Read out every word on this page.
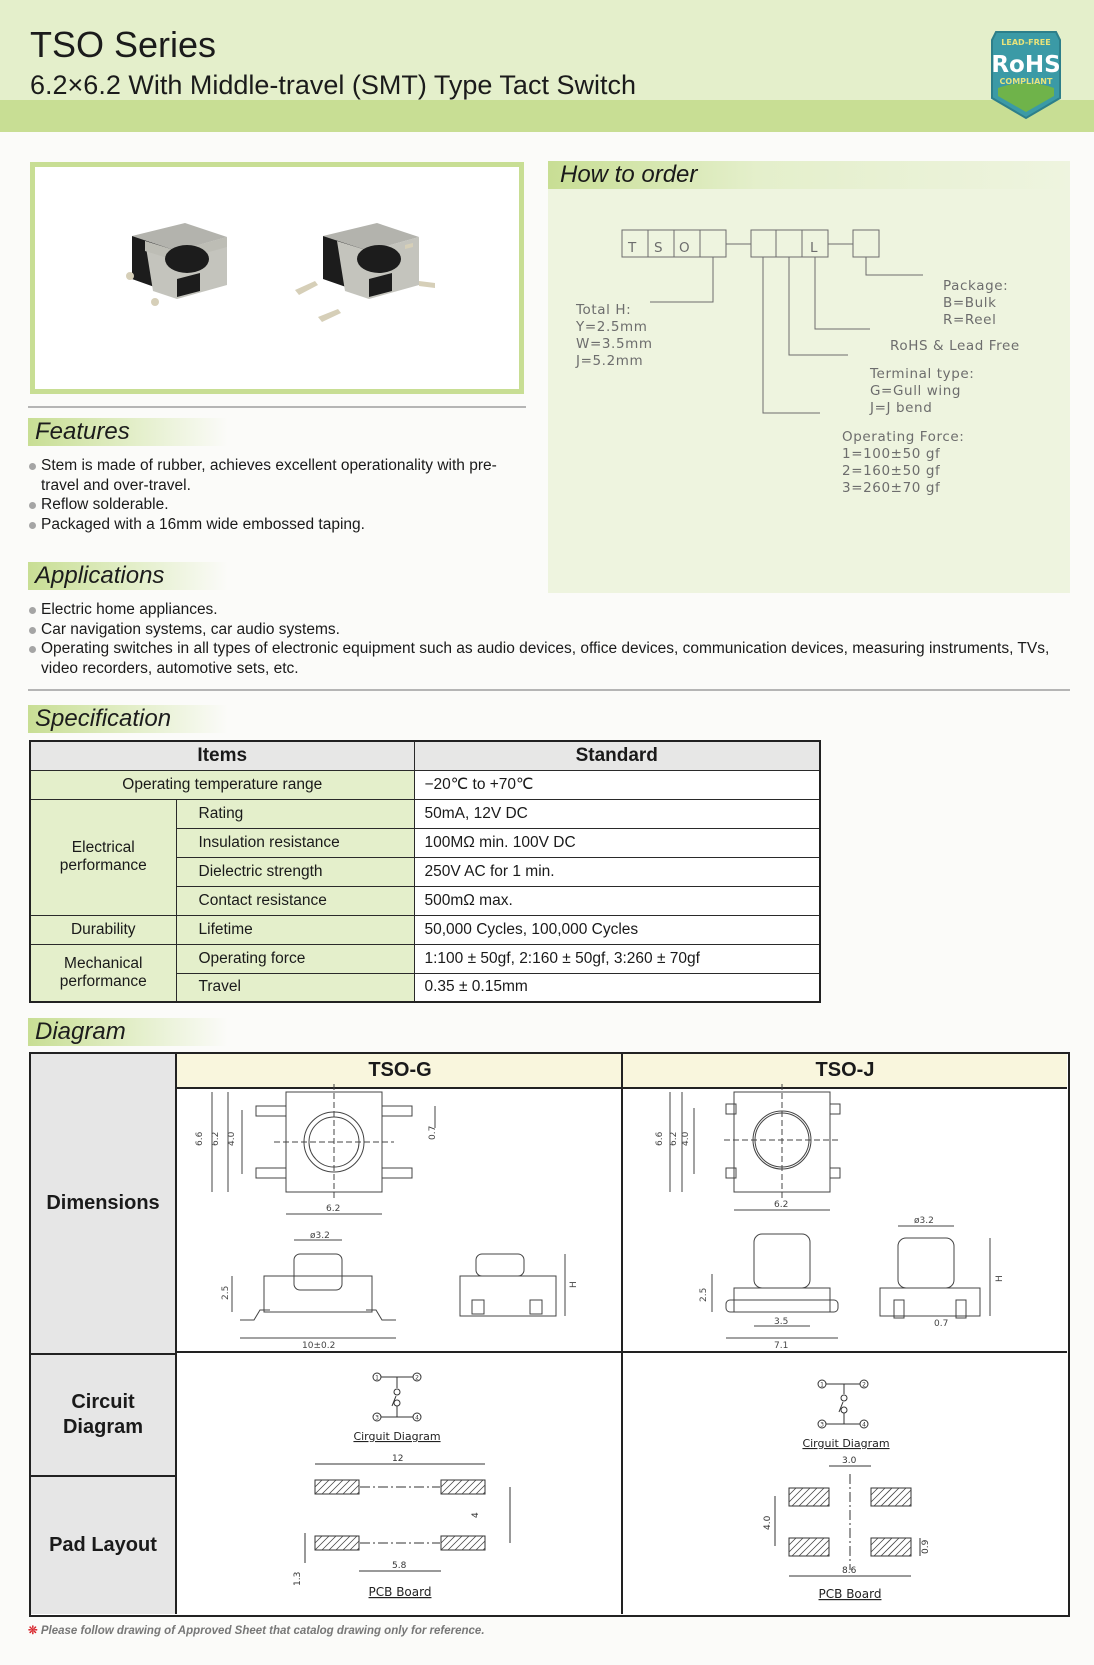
TSO Series
6.2×6.2 With Middle-travel (SMT) Type Tact Switch
LEAD-FREE
RoHS
COMPLIANT
How to order
T S O	L
Total H:
Y=2.5mm
W=3.5mm
J=5.2mm
Package:
B=Bulk
R=Reel
RoHS & Lead Free
Terminal type:
G=Gull wing
J=J bend
Operating Force:
1=100±50 gf
2=160±50 gf
3=260±70 gf
Features
Stem is made of rubber, achieves excellent operationality with pre-travel and over-travel.
Reflow solderable.
Packaged with a 16mm wide embossed taping.
Applications
Electric home appliances.
Car navigation systems, car audio systems.
Operating switches in all types of electronic equipment such as audio devices, office devices, communication devices, measuring instruments, TVs, video recorders, automotive sets, etc.
Specification
Items		Standard
Operating temperature range		−20℃ to +70℃
Electrical performance	Rating	50mA, 12V DC
	Insulation resistance	100MΩ min. 100V DC
	Dielectric strength	250V AC for 1 min.
	Contact resistance	500mΩ max.
Durability	Lifetime	50,000 Cycles, 100,000 Cycles
Mechanical performance	Operating force	1:100 ± 50gf, 2:160 ± 50gf, 3:260 ± 70gf
	Travel	0.35 ± 0.15mm
Diagram
Dimensions
Circuit Diagram
Pad Layout
TSO-G	TSO-J
6.6 6.2 4.0	0.7
6.2
ø3.2
2.5
10±0.2
H
6.6 6.2 4.0
6.2
2.5
3.5
7.1
ø3.2
H
0.7
Cirguit Diagram
12
4
1.3
5.8
PCB Board
1	2
3	4
Cirguit Diagram
3.0
4.0
0.9
8.6
PCB Board
1	2
3	4
❊ Please follow drawing of Approved Sheet that catalog drawing only for reference.
